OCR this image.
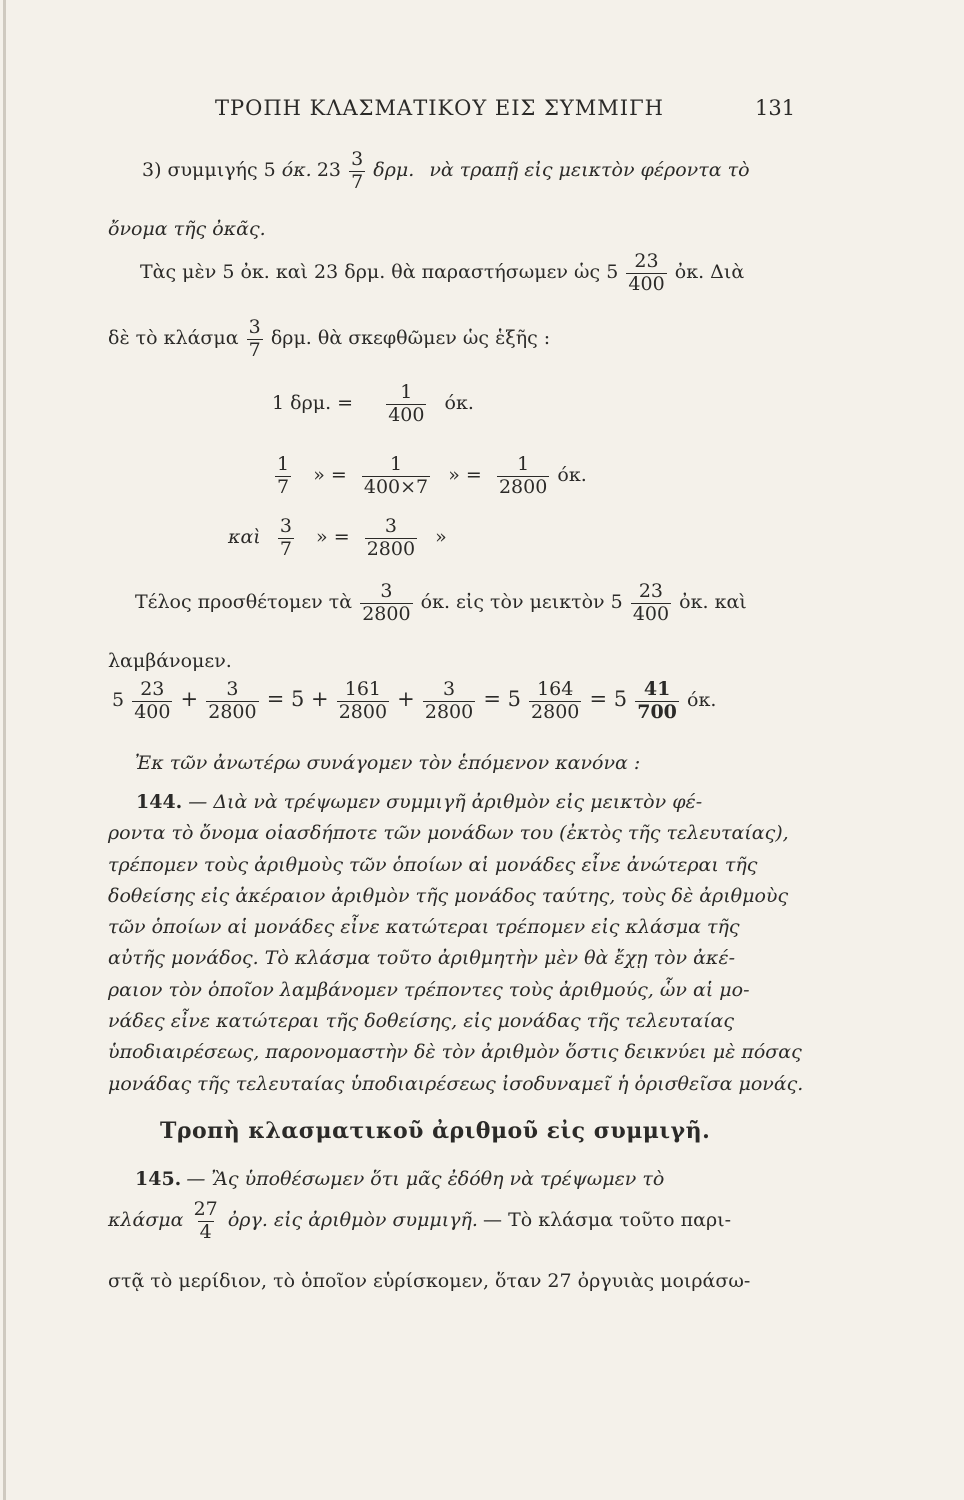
ΤΡΟΠΗ ΚΛΑΣΜΑΤΙΚΟΥ ΕΙΣ ΣΥΜΜΙΓΗ	131
3) συμμιγής 5 όκ. $23 \frac{3}{7} \delta\rho\mu$. νὰ τραπῇ εἰς μεικτὸν φέροντα τὸ
ὄνομα τῆς ὀκᾶς.
Τὰς μὲν 5 ὀκ. καὶ 23 δρμ. θὰ παραστήσωμεν ὡς $5 \frac{23}{400}$ ὀκ. Διὰ
δὲ τὸ κλάσμα $\frac{3}{7} \delta\rho\mu$. θὰ σκεφθῶμεν ὡς ἑξῆς :
1 δρμ. = $\frac{1}{400} ό\kappa$.
$\frac{1}{7}$ » = $\frac{1}{400\times 7}$ » = $\frac{1}{2800} ό\kappa$.
καὶ $\frac{3}{7}$ » = $\frac{3}{2800}$ »
Τέλος προσθέτομεν τὰ $\frac{3}{2800} ό\kappa$. εἰς τὸν μεικτὸν $5 \frac{23}{400}$ ὀκ. καὶ
λαμβάνομεν.
$5 \frac{23}{400} + \frac{3}{2800} = 5 + \frac{161}{2800} + \frac{3}{2800} = 5 \frac{164}{2800} = 5 \frac{41}{700} ό\kappa$.
Ἐκ τῶν ἀνωτέρω συνάγομεν τὸν ἑπόμενον κανόνα :
144. — Διὰ νὰ τρέψωμεν συμμιγῆ ἀριθμὸν εἰς μεικτὸν φέ-
ροντα τὸ ὄνομα οἱασδήποτε τῶν μονάδων του (ἐκτὸς τῆς τελευταίας),
τρέπομεν τοὺς ἀριθμοὺς τῶν ὁποίων αἱ μονάδες εἶνε ἀνώτεραι τῆς
δοθείσης εἰς ἀκέραιον ἀριθμὸν τῆς μονάδος ταύτης, τοὺς δὲ ἀριθμοὺς
τῶν ὁποίων αἱ μονάδες εἶνε κατώτεραι τρέπομεν εἰς κλάσμα τῆς
αὐτῆς μονάδος. Τὸ κλάσμα τοῦτο ἀριθμητὴν μὲν θὰ ἔχῃ τὸν ἀκέ-
ραιον τὸν ὁποῖον λαμβάνομεν τρέποντες τοὺς ἀριθμούς, ὧν αἱ μο-
νάδες εἶνε κατώτεραι τῆς δοθείσης, εἰς μονάδας τῆς τελευταίας
ὑποδιαιρέσεως, παρονομαστὴν δὲ τὸν ἀριθμὸν ὅστις δεικνύει μὲ πόσας
μονάδας τῆς τελευταίας ὑποδιαιρέσεως ἰσοδυναμεῖ ἡ ὁρισθεῖσα μονάς.
Τροπὴ κλασματικοῦ ἀριθμοῦ εἰς συμμιγῆ.
145. — Ἂς ὑποθέσωμεν ὅτι μᾶς ἐδόθη νὰ τρέψωμεν τὸ
κλάσμα $\frac{27}{4}$ ὀργ. εἰς ἀριθμὸν συμμιγῆ. — Τὸ κλάσμα τοῦτο παρι-
στᾷ τὸ μερίδιον, τὸ ὁποῖον εὑρίσκομεν, ὅταν 27 ὀργυιὰς μοιράσω-
